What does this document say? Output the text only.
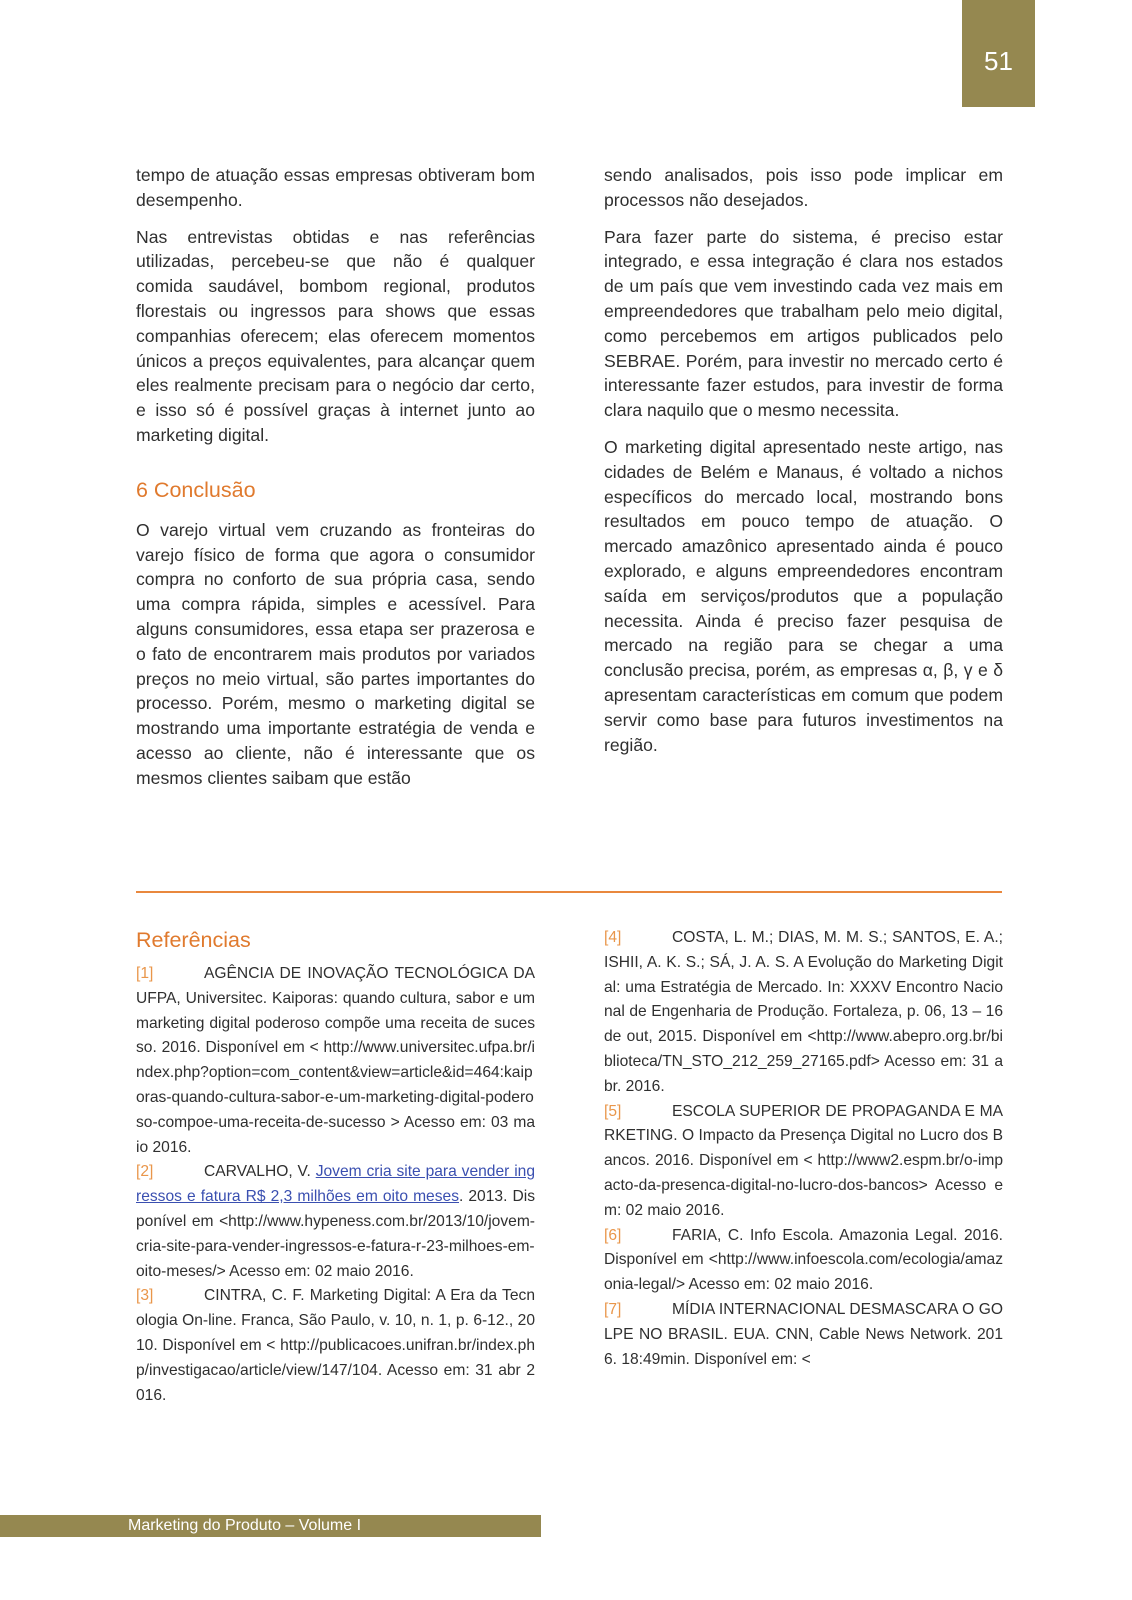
51

tempo de atuação essas empresas obtiveram bom desempenho.

Nas entrevistas obtidas e nas referências utilizadas, percebeu-se que não é qualquer comida saudável, bombom regional, produtos florestais ou ingressos para shows que essas companhias oferecem; elas oferecem momentos únicos a preços equivalentes, para alcançar quem eles realmente precisam para o negócio dar certo, e isso só é possível graças à internet junto ao marketing digital.

6 Conclusão

O varejo virtual vem cruzando as fronteiras do varejo físico de forma que agora o consumidor compra no conforto de sua própria casa, sendo uma compra rápida, simples e acessível. Para alguns consumidores, essa etapa ser prazerosa e o fato de encontrarem mais produtos por variados preços no meio virtual, são partes importantes do processo. Porém, mesmo o marketing digital se mostrando uma importante estratégia de venda e acesso ao cliente, não é interessante que os mesmos clientes saibam que estão

sendo analisados, pois isso pode implicar em processos não desejados.

Para fazer parte do sistema, é preciso estar integrado, e essa integração é clara nos estados de um país que vem investindo cada vez mais em empreendedores que trabalham pelo meio digital, como percebemos em artigos publicados pelo SEBRAE. Porém, para investir no mercado certo é interessante fazer estudos, para investir de forma clara naquilo que o mesmo necessita.

O marketing digital apresentado neste artigo, nas cidades de Belém e Manaus, é voltado a nichos específicos do mercado local, mostrando bons resultados em pouco tempo de atuação. O mercado amazônico apresentado ainda é pouco explorado, e alguns empreendedores encontram saída em serviços/produtos que a população necessita. Ainda é preciso fazer pesquisa de mercado na região para se chegar a uma conclusão precisa, porém, as empresas α, β, γ e δ apresentam características em comum que podem servir como base para futuros investimentos na região.

Referências

[1]	AGÊNCIA DE INOVAÇÃO TECNOLÓGICA DA UFPA, Universitec. Kaiporas: quando cultura, sabor e um marketing digital poderoso compõe uma receita de sucesso. 2016. Disponível em < http://www.universitec.ufpa.br/index.php?option=com_content&view=article&id=464:kaiporas-quando-cultura-sabor-e-um-marketing-digital-poderoso-compoe-uma-receita-de-sucesso > Acesso em: 03 maio 2016.

[2]	CARVALHO, V. Jovem cria site para vender ingressos e fatura R$ 2,3 milhões em oito meses. 2013. Disponível em <http://www.hypeness.com.br/2013/10/jovem-cria-site-para-vender-ingressos-e-fatura-r-23-milhoes-em-oito-meses/> Acesso em: 02 maio 2016.

[3]	CINTRA, C. F. Marketing Digital: A Era da Tecnologia On-line. Franca, São Paulo, v. 10, n. 1, p. 6-12., 2010. Disponível em < http://publicacoes.unifran.br/index.php/investigacao/article/view/147/104. Acesso em: 31 abr 2016.

[4]	COSTA, L. M.; DIAS, M. M. S.; SANTOS, E. A.; ISHII, A. K. S.; SÁ, J. A. S. A Evolução do Marketing Digital: uma Estratégia de Mercado. In: XXXV Encontro Nacional de Engenharia de Produção. Fortaleza, p. 06, 13 – 16 de out, 2015. Disponível em <http://www.abepro.org.br/biblioteca/TN_STO_212_259_27165.pdf> Acesso em: 31 abr. 2016.

[5]	ESCOLA SUPERIOR DE PROPAGANDA E MARKETING. O Impacto da Presença Digital no Lucro dos Bancos. 2016. Disponível em < http://www2.espm.br/o-impacto-da-presenca-digital-no-lucro-dos-bancos> Acesso em: 02 maio 2016.

[6]	FARIA, C. Info Escola. Amazonia Legal. 2016. Disponível em <http://www.infoescola.com/ecologia/amazonia-legal/> Acesso em: 02 maio 2016.

[7]	MÍDIA INTERNACIONAL DESMASCARA O GOLPE NO BRASIL. EUA. CNN, Cable News Network. 2016. 18:49min. Disponível em: <

Marketing do Produto – Volume I
